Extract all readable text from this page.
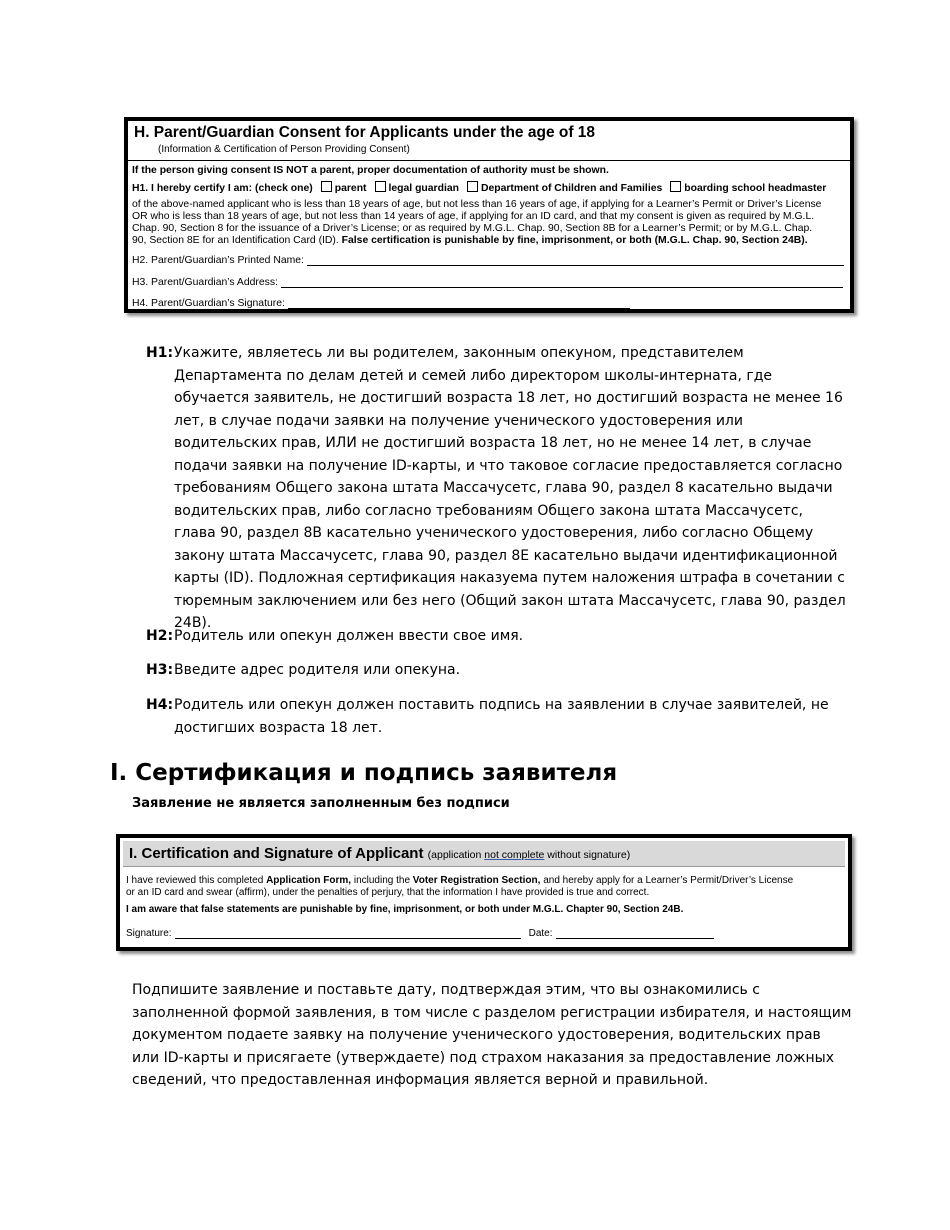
H. Parent/Guardian Consent for Applicants under the age of 18
(Information & Certification of Person Providing Consent)
If the person giving consent IS NOT a parent, proper documentation of authority must be shown.
H1. I hereby certify I am: (check one) parent legal guardian Department of Children and Families boarding school headmaster
of the above-named applicant who is less than 18 years of age, but not less than 16 years of age, if applying for a Learner’s Permit or Driver’s License
OR who is less than 18 years of age, but not less than 14 years of age, if applying for an ID card, and that my consent is given as required by M.G.L.
Chap. 90, Section 8 for the issuance of a Driver’s License; or as required by M.G.L. Chap. 90, Section 8B for a Learner’s Permit; or by M.G.L. Chap.
90, Section 8E for an Identification Card (ID). False certification is punishable by fine, imprisonment, or both (M.G.L. Chap. 90, Section 24B).
H2. Parent/Guardian’s Printed Name:
H3. Parent/Guardian’s Address:
H4. Parent/Guardian’s Signature:
H1: Укажите, являетесь ли вы родителем, законным опекуном, представителем Департамента по делам детей и семей либо директором школы-интерната, где обучается заявитель, не достигший возраста 18 лет, но достигший возраста не менее 16 лет, в случае подачи заявки на получение ученического удостоверения или водительских прав, ИЛИ не достигший возраста 18 лет, но не менее 14 лет, в случае подачи заявки на получение ID-карты, и что таковое согласие предоставляется согласно требованиям Общего закона штата Массачусетс, глава 90, раздел 8 касательно выдачи водительских прав, либо согласно требованиям Общего закона штата Массачусетс, глава 90, раздел 8B касательно ученического удостоверения, либо согласно Общему закону штата Массачусетс, глава 90, раздел 8E касательно выдачи идентификационной карты (ID). Подложная сертификация наказуема путем наложения штрафа в сочетании с тюремным заключением или без него (Общий закон штата Массачусетс, глава 90, раздел 24B).
H2: Родитель или опекун должен ввести свое имя.
H3: Введите адрес родителя или опекуна.
H4: Родитель или опекун должен поставить подпись на заявлении в случае заявителей, не достигших возраста 18 лет.
I. Сертификация и подпись заявителя
Заявление не является заполненным без подписи
I. Certification and Signature of Applicant (application not complete without signature)
I have reviewed this completed Application Form, including the Voter Registration Section, and hereby apply for a Learner’s Permit/Driver’s License
or an ID card and swear (affirm), under the penalties of perjury, that the information I have provided is true and correct.
I am aware that false statements are punishable by fine, imprisonment, or both under M.G.L. Chapter 90, Section 24B.
Signature:	Date:
Подпишите заявление и поставьте дату, подтверждая этим, что вы ознакомились с заполненной формой заявления, в том числе с разделом регистрации избирателя, и настоящим документом подаете заявку на получение ученического удостоверения, водительских прав или ID-карты и присягаете (утверждаете) под страхом наказания за предоставление ложных сведений, что предоставленная информация является верной и правильной.
